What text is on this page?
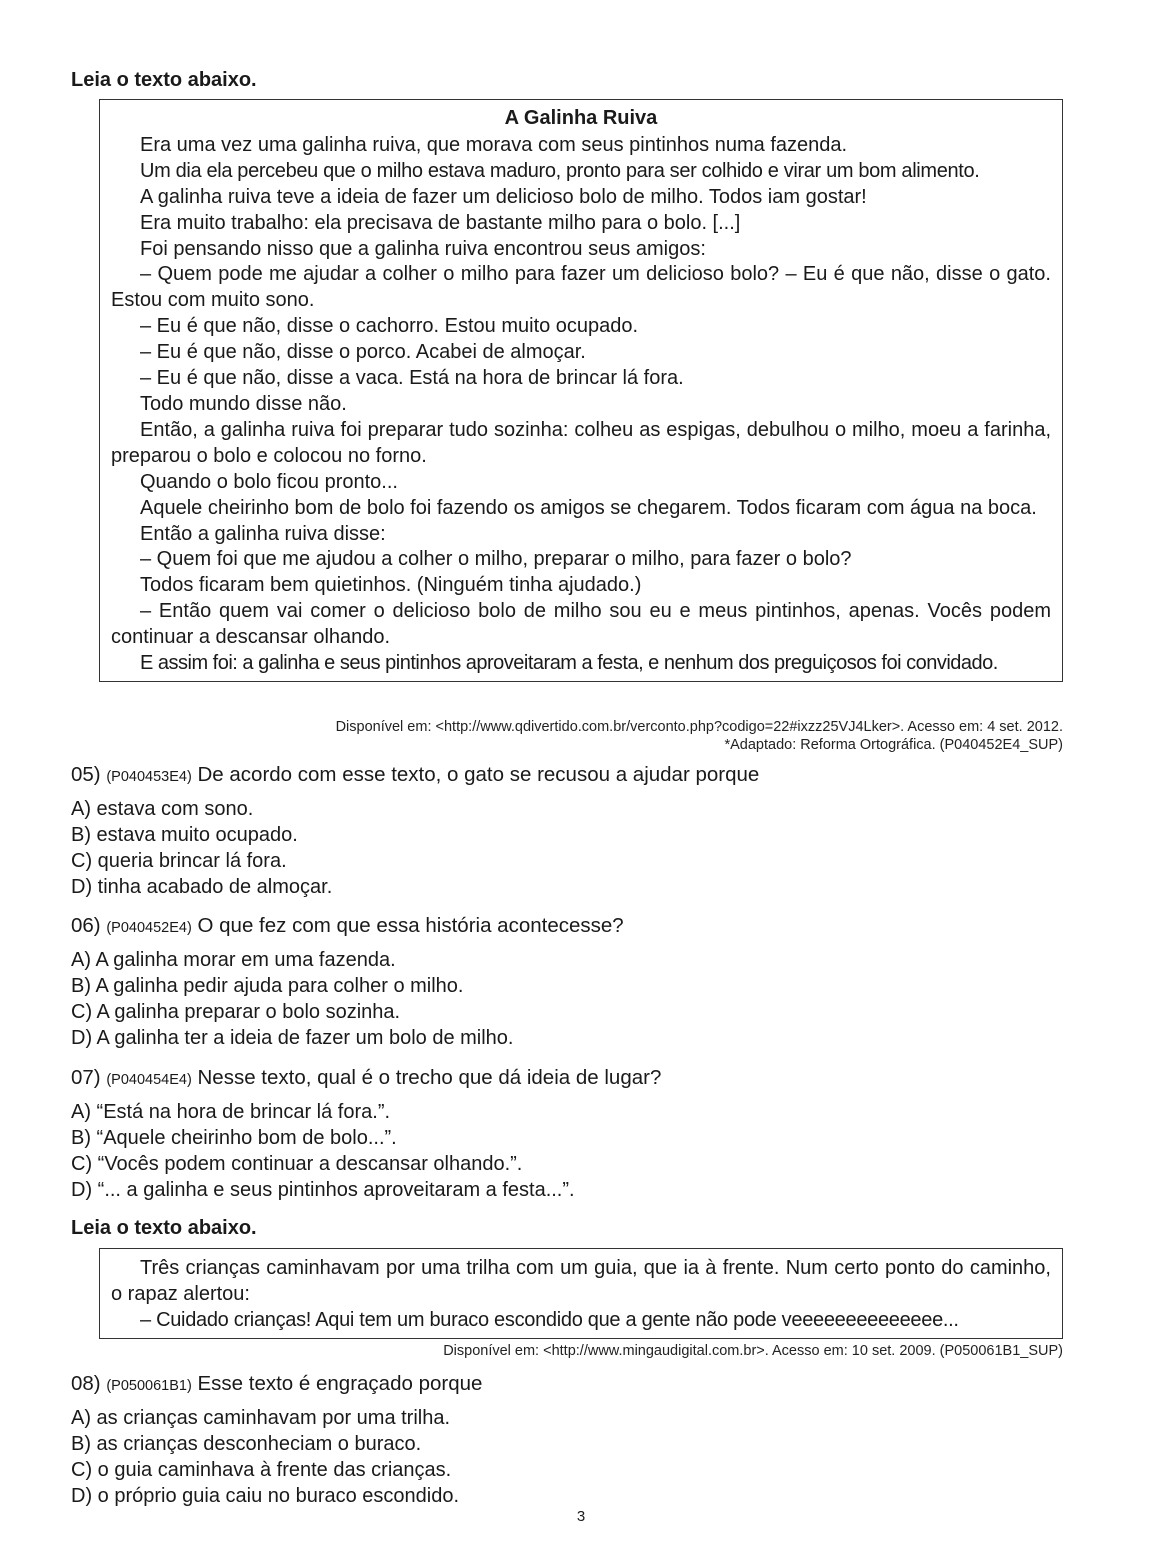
Leia o texto abaixo.
A Galinha Ruiva

Era uma vez uma galinha ruiva, que morava com seus pintinhos numa fazenda.

Um dia ela percebeu que o milho estava maduro, pronto para ser colhido e virar um bom alimento.

A galinha ruiva teve a ideia de fazer um delicioso bolo de milho. Todos iam gostar!

Era muito trabalho: ela precisava de bastante milho para o bolo. [...]

Foi pensando nisso que a galinha ruiva encontrou seus amigos:

– Quem pode me ajudar a colher o milho para fazer um delicioso bolo? – Eu é que não, disse o gato. Estou com muito sono.

– Eu é que não, disse o cachorro. Estou muito ocupado.

– Eu é que não, disse o porco. Acabei de almoçar.

– Eu é que não, disse a vaca. Está na hora de brincar lá fora.

Todo mundo disse não.

Então, a galinha ruiva foi preparar tudo sozinha: colheu as espigas, debulhou o milho, moeu a farinha, preparou o bolo e colocou no forno.

Quando o bolo ficou pronto...

Aquele cheirinho bom de bolo foi fazendo os amigos se chegarem. Todos ficaram com água na boca.

Então a galinha ruiva disse:

– Quem foi que me ajudou a colher o milho, preparar o milho, para fazer o bolo?

Todos ficaram bem quietinhos. (Ninguém tinha ajudado.)

– Então quem vai comer o delicioso bolo de milho sou eu e meus pintinhos, apenas. Vocês podem continuar a descansar olhando.

E assim foi: a galinha e seus pintinhos aproveitaram a festa, e nenhum dos preguiçosos foi convidado.

Disponível em: <http://www.qdivertido.com.br/verconto.php?codigo=22#ixzz25VJ4Lker>. Acesso em: 4 set. 2012.
*Adaptado: Reforma Ortográfica. (P040452E4_SUP)

05) (P040453E4) De acordo com esse texto, o gato se recusou a ajudar porque

A) estava com sono.

B) estava muito ocupado.

C) queria brincar lá fora.

D) tinha acabado de almoçar.

06) (P040452E4) O que fez com que essa história acontecesse?

A) A galinha morar em uma fazenda.

B) A galinha pedir ajuda para colher o milho.

C) A galinha preparar o bolo sozinha.

D) A galinha ter a ideia de fazer um bolo de milho.

07) (P040454E4) Nesse texto, qual é o trecho que dá ideia de lugar?

A) “Está na hora de brincar lá fora.”.

B) “Aquele cheirinho bom de bolo...”.

C) “Vocês podem continuar a descansar olhando.”.

D) “... a galinha e seus pintinhos aproveitaram a festa...”.

Leia o texto abaixo.

Três crianças caminhavam por uma trilha com um guia, que ia à frente. Num certo ponto do caminho, o rapaz alertou:

– Cuidado crianças! Aqui tem um buraco escondido que a gente não pode veeeeeeeeeeeeee...

Disponível em: <http://www.mingaudigital.com.br>. Acesso em: 10 set. 2009. (P050061B1_SUP)

08) (P050061B1) Esse texto é engraçado porque

A) as crianças caminhavam por uma trilha.

B) as crianças desconheciam o buraco.

C) o guia caminhava à frente das crianças.

D) o próprio guia caiu no buraco escondido.

3
